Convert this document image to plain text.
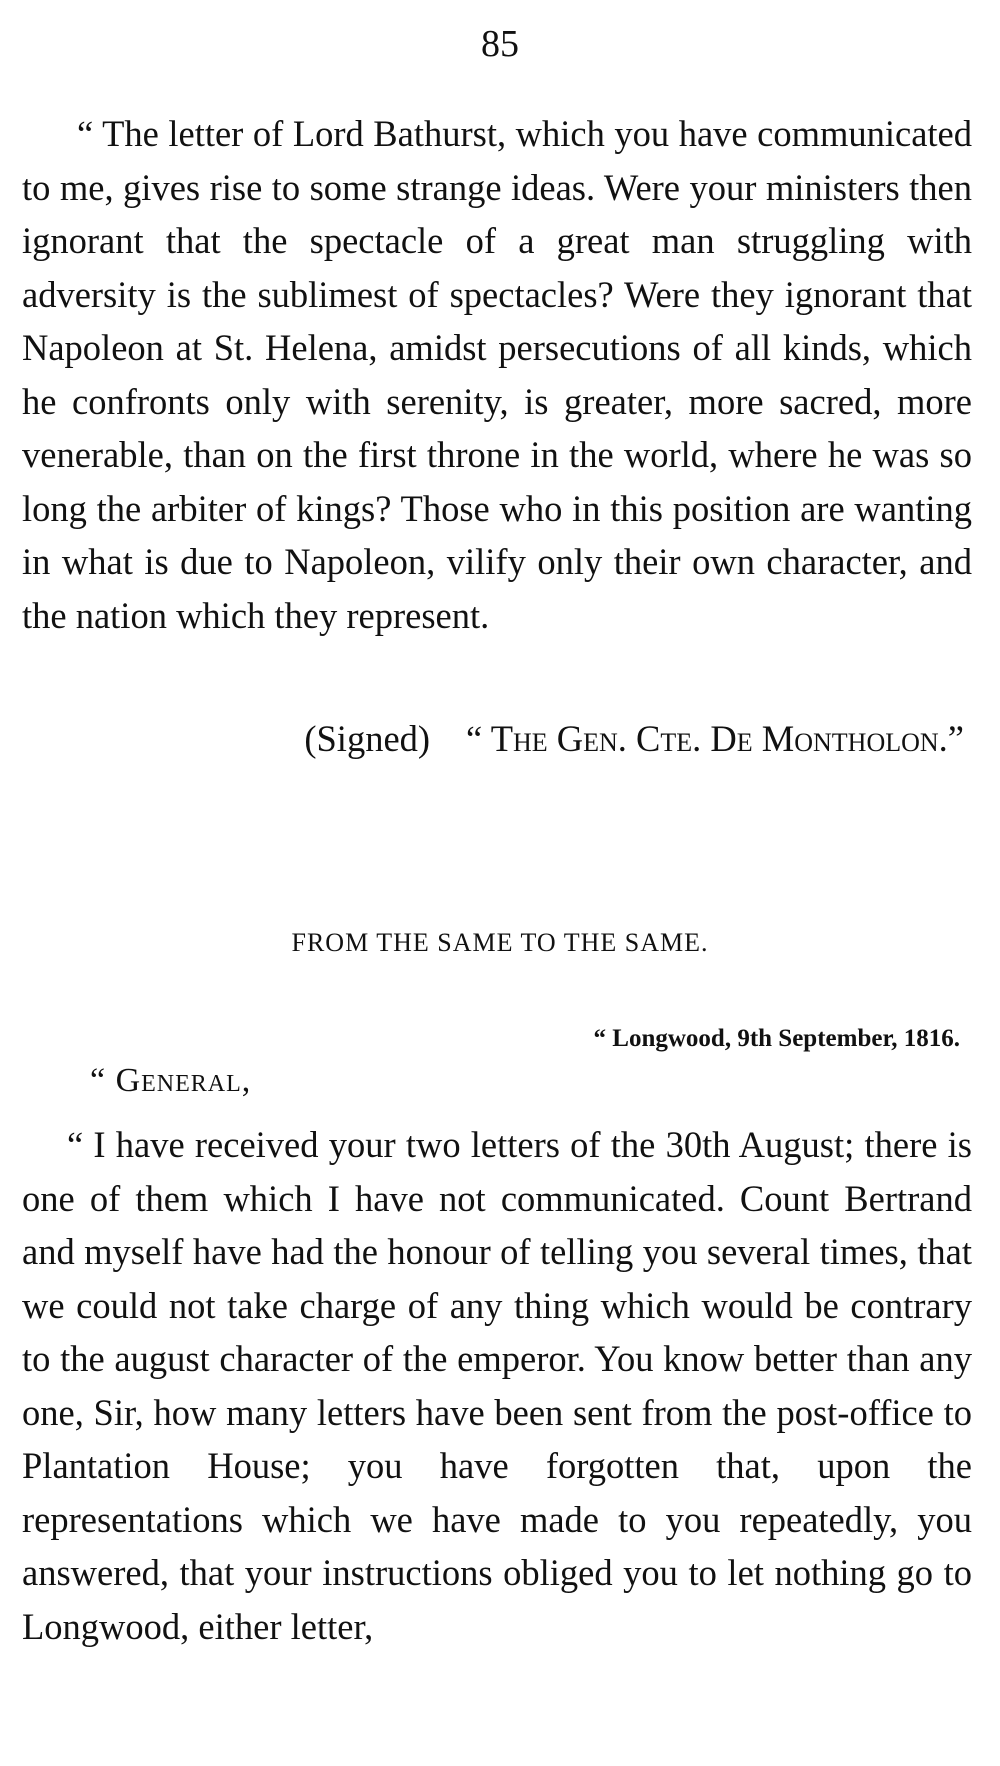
85

“ The letter of Lord Bathurst, which you have communicated to me, gives rise to some strange ideas. Were your ministers then ignorant that the spectacle of a great man struggling with adversity is the sublimest of spectacles? Were they ignorant that Napoleon at St. Helena, amidst persecutions of all kinds, which he confronts only with serenity, is greater, more sacred, more venerable, than on the first throne in the world, where he was so long the arbiter of kings? Those who in this position are wanting in what is due to Napoleon, vilify only their own character, and the nation which they represent.

(Signed) “ The Gen. Cte. De Montholon.”
FROM THE SAME TO THE SAME.
“ Longwood, 9th September, 1816.
“ General,

“ I have received your two letters of the 30th August; there is one of them which I have not communicated. Count Bertrand and myself have had the honour of telling you several times, that we could not take charge of any thing which would be contrary to the august character of the emperor. You know better than any one, Sir, how many letters have been sent from the post-office to Plantation House; you have forgotten that, upon the representations which we have made to you repeatedly, you answered, that your instructions obliged you to let nothing go to Longwood, either letter,
